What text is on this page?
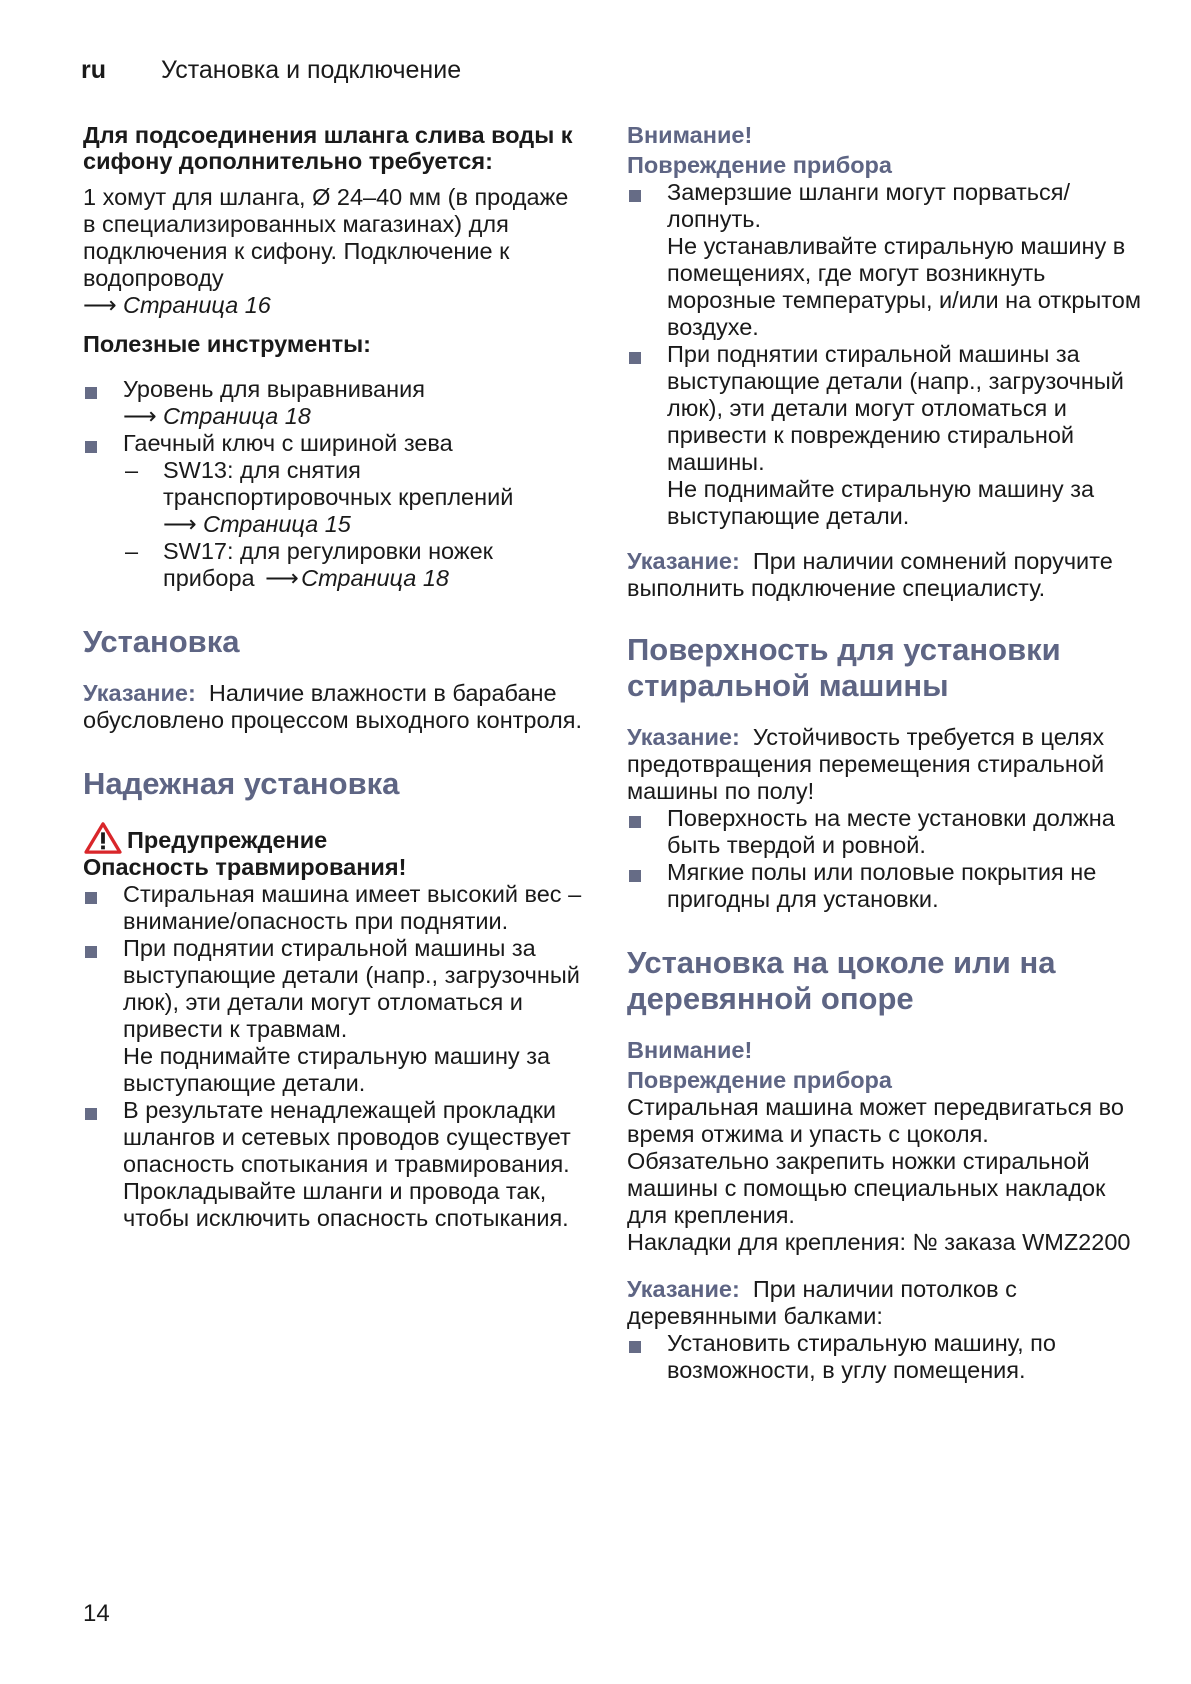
ru Установка и подключение

Для подсоединения шланга слива воды к сифону дополнительно требуется:

1 хомут для шланга, Ø 24–40 мм (в продаже в специализированных магазинах) для подключения к сифону. Подключение к водопроводу
⟶ Страница 16

Полезные инструменты:

Уровень для выравнивания
⟶ Страница 18
Гаечный ключ с шириной зева
– SW13: для снятия транспортировочных креплений
⟶ Страница 15
– SW17: для регулировки ножек прибора ⟶Страница 18
Установка

Указание: Наличие влажности в барабане обусловлено процессом выходного контроля.

Надежная установка

Предупреждение

Опасность травмирования!

Стиральная машина имеет высокий вес – внимание/опасность при поднятии.
При поднятии стиральной машины за выступающие детали (напр., загрузочный люк), эти детали могут отломаться и привести к травмам.
Не поднимайте стиральную машину за выступающие детали.
В результате ненадлежащей прокладки шлангов и сетевых проводов существует опасность спотыкания и травмирования.
Прокладывайте шланги и провода так, чтобы исключить опасность спотыкания.

Внимание!

Повреждение прибора

Замерзшие шланги могут порваться/лопнуть.
Не устанавливайте стиральную машину в помещениях, где могут возникнуть морозные температуры, и/или на открытом воздухе.
При поднятии стиральной машины за выступающие детали (напр., загрузочный люк), эти детали могут отломаться и привести к повреждению стиральной машины.
Не поднимайте стиральную машину за выступающие детали.

Указание: При наличии сомнений поручите выполнить подключение специалисту.

Поверхность для установки стиральной машины

Указание: Устойчивость требуется в целях предотвращения перемещения стиральной машины по полу!

Поверхность на месте установки должна быть твердой и ровной.
Мягкие полы или половые покрытия не пригодны для установки.
Установка на цоколе или на деревянной опоре

Внимание!

Повреждение прибора

Стиральная машина может передвигаться во время отжима и упасть с цоколя.

Обязательно закрепить ножки стиральной машины с помощью специальных накладок для крепления.

Накладки для крепления: № заказа WMZ2200

Указание: При наличии потолков с деревянными балками:

Установить стиральную машину, по возможности, в углу помещения.
14
